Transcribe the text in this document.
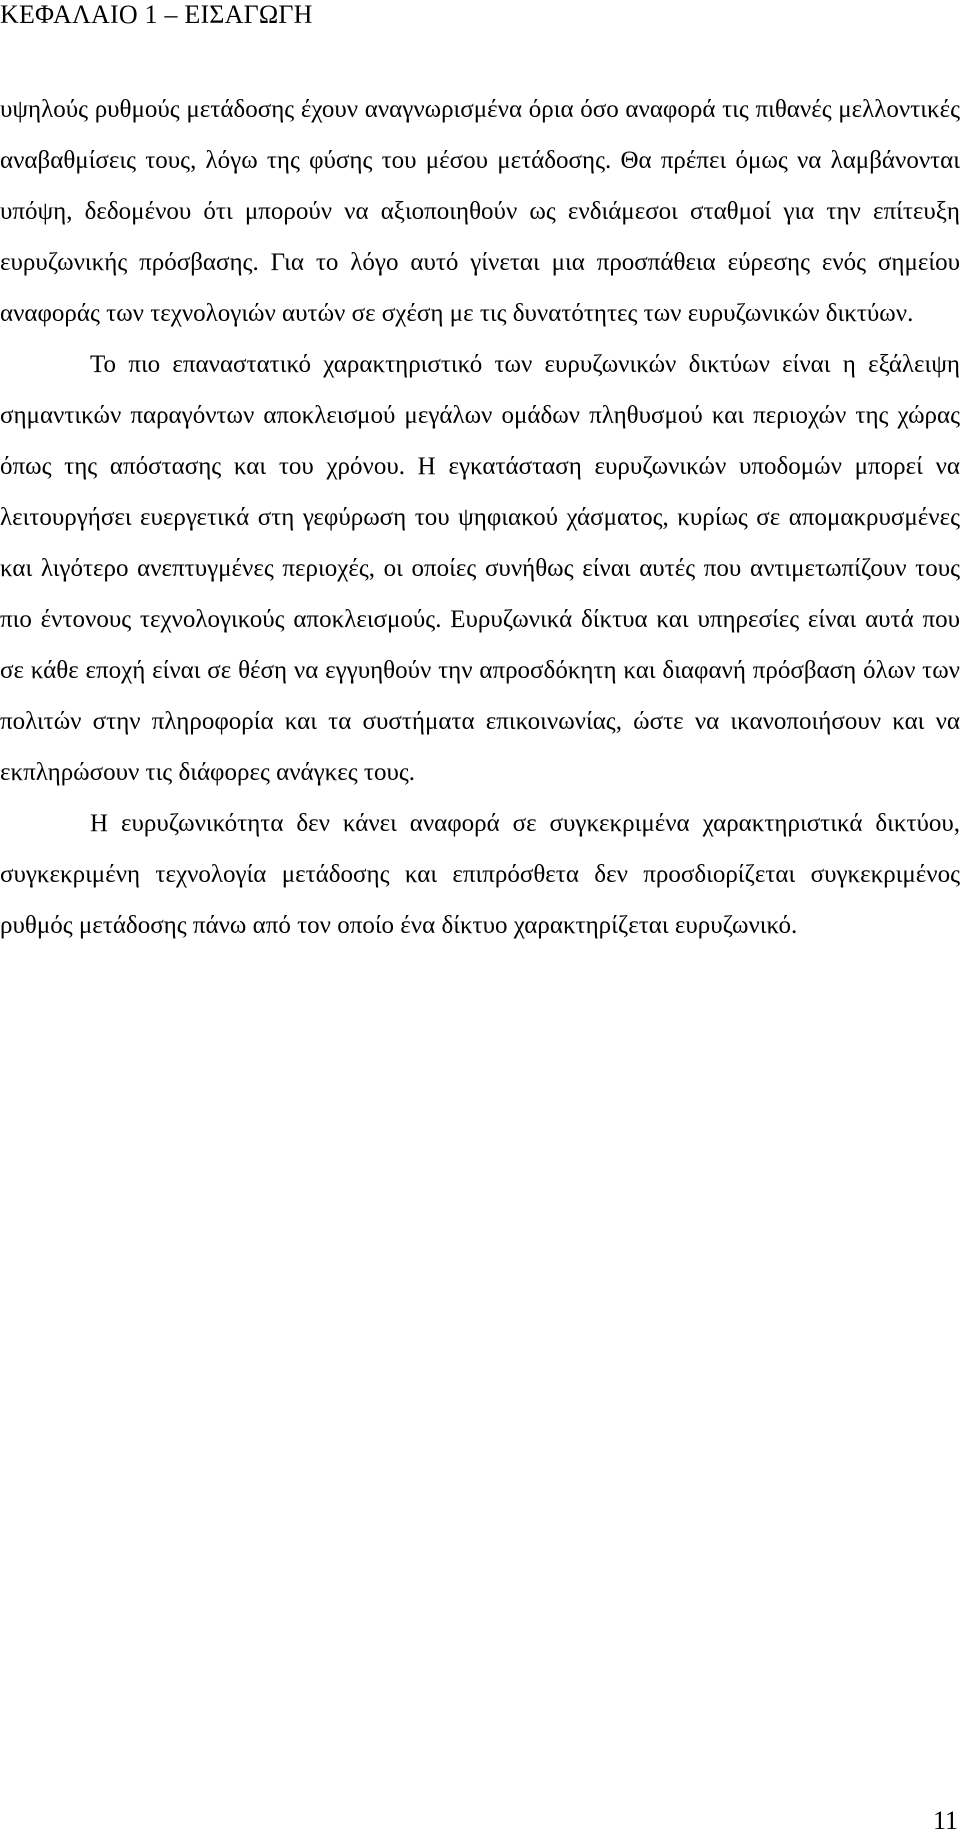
ΚΕΦΑΛΑΙΟ 1 – ΕΙΣΑΓΩΓΗ

υψηλούς ρυθμούς μετάδοσης έχουν αναγνωρισμένα όρια όσο αναφορά τις πιθανές μελλοντικές αναβαθμίσεις τους, λόγω της φύσης του μέσου μετάδοσης. Θα πρέπει όμως να λαμβάνονται υπόψη, δεδομένου ότι μπορούν να αξιοποιηθούν ως ενδιάμεσοι σταθμοί για την επίτευξη ευρυζωνικής πρόσβασης. Για το λόγο αυτό γίνεται μια προσπάθεια εύρεσης ενός σημείου αναφοράς των τεχνολογιών αυτών σε σχέση με τις δυνατότητες των ευρυζωνικών δικτύων.

Το πιο επαναστατικό χαρακτηριστικό των ευρυζωνικών δικτύων είναι η εξάλειψη σημαντικών παραγόντων αποκλεισμού μεγάλων ομάδων πληθυσμού και περιοχών της χώρας όπως της απόστασης και του χρόνου. Η εγκατάσταση ευρυζωνικών υποδομών μπορεί να λειτουργήσει ευεργετικά στη γεφύρωση του ψηφιακού χάσματος, κυρίως σε απομακρυσμένες και λιγότερο ανεπτυγμένες περιοχές, οι οποίες συνήθως είναι αυτές που αντιμετωπίζουν τους πιο έντονους τεχνολογικούς αποκλεισμούς. Ευρυζωνικά δίκτυα και υπηρεσίες είναι αυτά που σε κάθε εποχή είναι σε θέση να εγγυηθούν την απροσδόκητη και διαφανή πρόσβαση όλων των πολιτών στην πληροφορία και τα συστήματα επικοινωνίας, ώστε να ικανοποιήσουν και να εκπληρώσουν τις διάφορες ανάγκες τους.

Η ευρυζωνικότητα δεν κάνει αναφορά σε συγκεκριμένα χαρακτηριστικά δικτύου, συγκεκριμένη τεχνολογία μετάδοσης και επιπρόσθετα δεν προσδιορίζεται συγκεκριμένος ρυθμός μετάδοσης πάνω από τον οποίο ένα δίκτυο χαρακτηρίζεται ευρυζωνικό.

11
